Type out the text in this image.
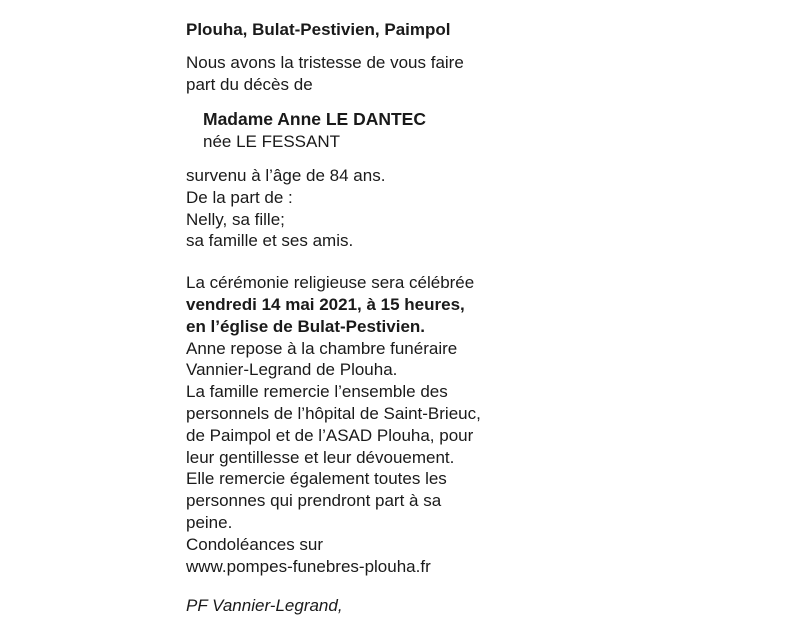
Plouha, Bulat-Pestivien, Paimpol

Nous avons la tristesse de vous faire

part du décès de

Madame Anne LE DANTEC

née LE FESSANT

survenu à l’âge de 84 ans.

De la part de :

Nelly, sa fille;

sa famille et ses amis.

La cérémonie religieuse sera célébrée

vendredi 14 mai 2021, à 15 heures,

en l’église de Bulat-Pestivien.

Anne repose à la chambre funéraire

Vannier-Legrand de Plouha.

La famille remercie l’ensemble des

personnels de l’hôpital de Saint-Brieuc,

de Paimpol et de l’ASAD Plouha, pour

leur gentillesse et leur dévouement.

Elle remercie également toutes les

personnes qui prendront part à sa

peine.

Condoléances sur

www.pompes-funebres-plouha.fr

PF Vannier-Legrand,
